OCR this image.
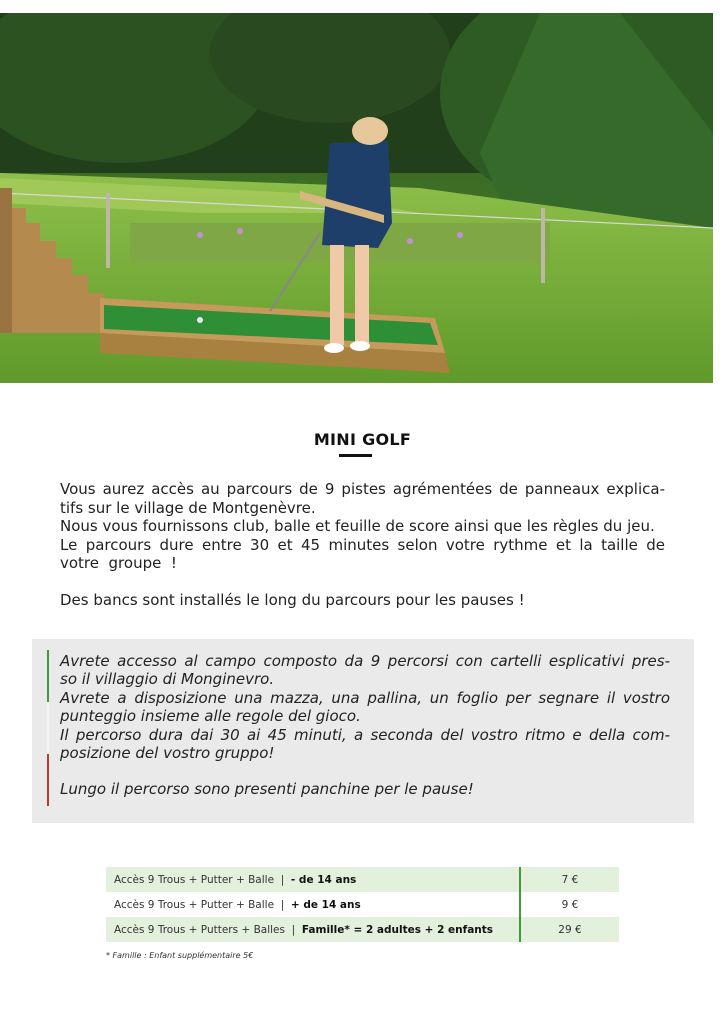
MINI GOLF

Vous aurez accès au parcours de 9 pistes agrémentées de panneaux explica-

tifs sur le village de Montgenèvre.

Nous vous fournissons club, balle et feuille de score ainsi que les règles du jeu.

Le parcours dure entre 30 et 45 minutes selon votre rythme et la taille de

votre  groupe  !

Des bancs sont installés le long du parcours pour les pauses !

Avrete accesso al campo composto da 9 percorsi con cartelli esplicativi pres-

so il villaggio di Monginevro.

Avrete a disposizione una mazza, una pallina, un foglio per segnare il vostro

punteggio insieme alle regole del gioco.

Il percorso dura dai 30 ai 45 minuti, a seconda del vostro ritmo e della com-

posizione del vostro gruppo!

Lungo il percorso sono presenti panchine per le pause!

Accès 9 Trous + Putter + Balle  |  - de 14 ans	7 €
Accès 9 Trous + Putter + Balle  |  + de 14 ans	9 €
Accès 9 Trous + Putters + Balles  |  Famille* = 2 adultes + 2 enfants	29 €
* Famille : Enfant supplémentaire 5€
